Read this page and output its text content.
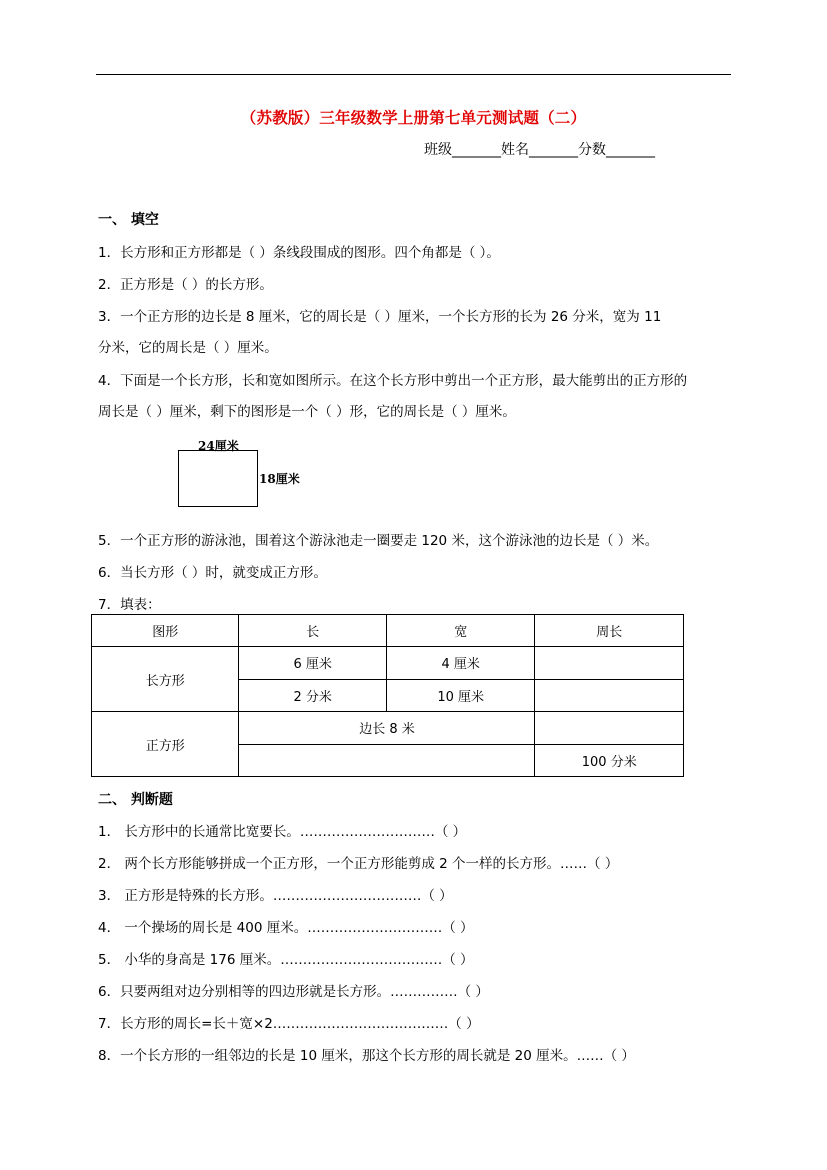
（苏教版）三年级数学上册第七单元测试题（二）
班级_______姓名_______分数_______
一、 填空
1．长方形和正方形都是（ ）条线段围成的图形。四个角都是（ ）。
2．正方形是（ ）的长方形。
3．一个正方形的边长是 8 厘米，它的周长是（ ）厘米，一个长方形的长为 26 分米，宽为 11
分米，它的周长是（ ）厘米。
4．下面是一个长方形，长和宽如图所示。在这个长方形中剪出一个正方形，最大能剪出的正方形的
周长是（ ）厘米，剩下的图形是一个（ ）形，它的周长是（ ）厘米。
24厘米
18厘米
5．一个正方形的游泳池，围着这个游泳池走一圈要走 120 米，这个游泳池的边长是（ ）米。
6．当长方形（ ）时，就变成正方形。
7．填表：
图形	长	宽	周长
长方形	6 厘米	4 厘米	
	2 分米	10 厘米	
正方形	边长 8 米		
			100 分米
二、 判断题
1． 长方形中的长通常比宽要长。…………………………（ ）
2． 两个长方形能够拼成一个正方形，一个正方形能剪成 2 个一样的长方形。……（ ）
3． 正方形是特殊的长方形。……………………………（ ）
4． 一个操场的周长是 400 厘米。…………………………（ ）
5． 小华的身高是 176 厘米。………………………………（ ）
6．只要两组对边分别相等的四边形就是长方形。……………（ ）
7．长方形的周长=长＋宽×2…………………………………（ ）
8．一个长方形的一组邻边的长是 10 厘米，那这个长方形的周长就是 20 厘米。……（ ）
